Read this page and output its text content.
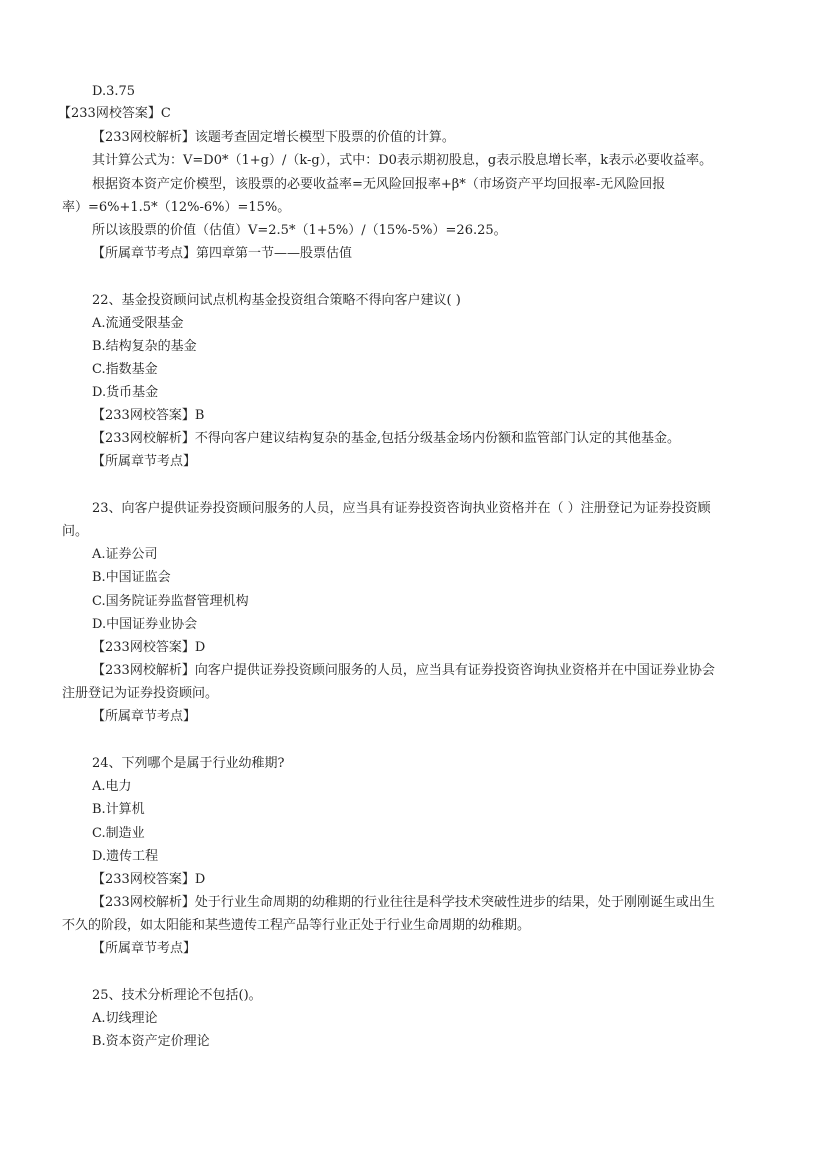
D.3.75
【233网校答案】C
【233网校解析】该题考查固定增长模型下股票的价值的计算。
其计算公式为：V=D0*（1+g）/（k-g），式中：D0表示期初股息，g表示股息增长率，k表示必要收益率。
根据资本资产定价模型，该股票的必要收益率=无风险回报率+β*（市场资产平均回报率-无风险回报
率）=6%+1.5*（12%-6%）=15%。
所以该股票的价值（估值）V=2.5*（1+5%）/（15%-5%）=26.25。
【所属章节考点】第四章第一节——股票估值
22、基金投资顾问试点机构基金投资组合策略不得向客户建议( )
A.流通受限基金
B.结构复杂的基金
C.指数基金
D.货币基金
【233网校答案】B
【233网校解析】不得向客户建议结构复杂的基金,包括分级基金场内份额和监管部门认定的其他基金。
【所属章节考点】
23、向客户提供证券投资顾问服务的人员，应当具有证券投资咨询执业资格并在（ ）注册登记为证券投资顾
问。
A.证券公司
B.中国证监会
C.国务院证券监督管理机构
D.中国证券业协会
【233网校答案】D
【233网校解析】向客户提供证券投资顾问服务的人员，应当具有证券投资咨询执业资格并在中国证券业协会
注册登记为证券投资顾问。
【所属章节考点】
24、下列哪个是属于行业幼稚期?
A.电力
B.计算机
C.制造业
D.遗传工程
【233网校答案】D
【233网校解析】处于行业生命周期的幼稚期的行业往往是科学技术突破性进步的结果，处于刚刚诞生或出生
不久的阶段，如太阳能和某些遗传工程产品等行业正处于行业生命周期的幼稚期。
【所属章节考点】
25、技术分析理论不包括()。
A.切线理论
B.资本资产定价理论
